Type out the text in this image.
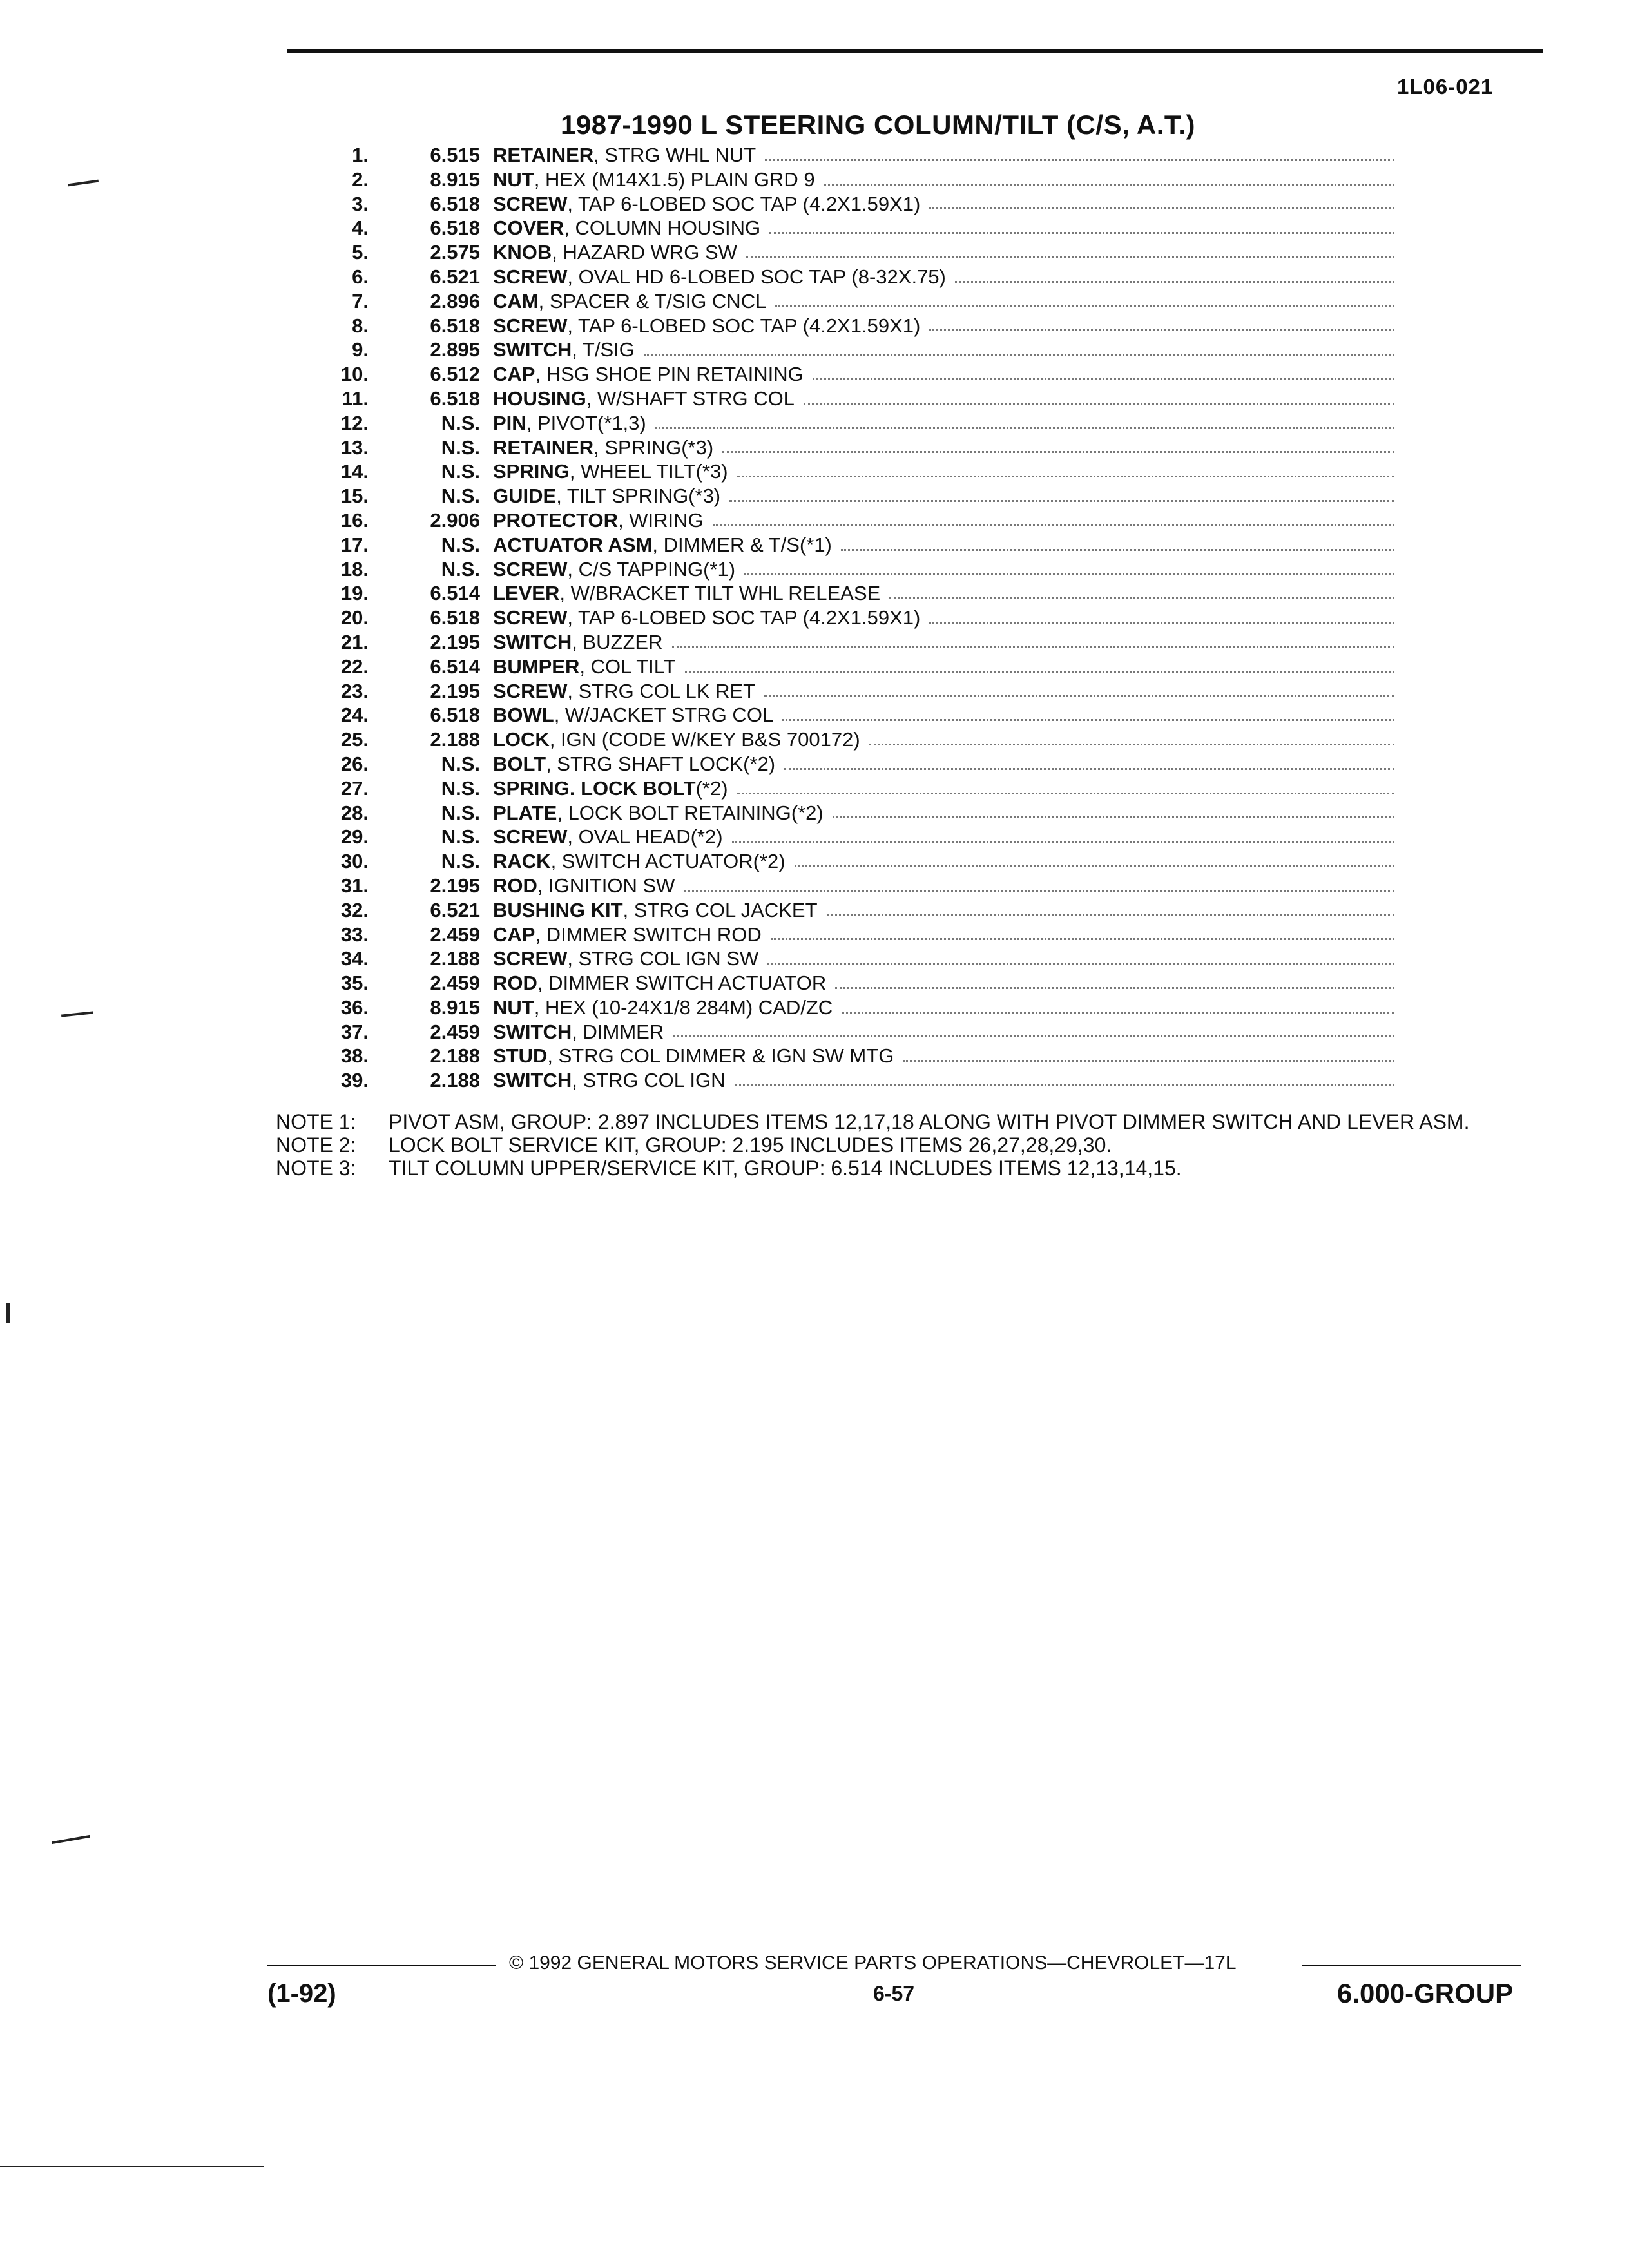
1L06-021
1987-1990 L STEERING COLUMN/TILT (C/S, A.T.)
1.	6.515 RETAINER , STRG WHL NUT
2.	8.915 NUT , HEX (M14X1.5) PLAIN GRD 9
3.	6.518 SCREW , TAP 6-LOBED SOC TAP (4.2X1.59X1)
4.	6.518 COVER , COLUMN HOUSING
5.	2.575 KNOB , HAZARD WRG SW
6.	6.521 SCREW , OVAL HD 6-LOBED SOC TAP (8-32X.75)
7.	2.896 CAM , SPACER & T/SIG CNCL
8.	6.518 SCREW , TAP 6-LOBED SOC TAP (4.2X1.59X1)
9.	2.895 SWITCH , T/SIG
10.	6.512 CAP , HSG SHOE PIN RETAINING
11.	6.518 HOUSING , W/SHAFT STRG COL
12.	N.S. PIN , PIVOT(*1,3)
13.	N.S. RETAINER , SPRING(*3)
14.	N.S. SPRING , WHEEL TILT(*3)
15.	N.S. GUIDE , TILT SPRING(*3)
16.	2.906 PROTECTOR , WIRING
17.	N.S. ACTUATOR ASM , DIMMER & T/S(*1)
18.	N.S. SCREW , C/S TAPPING(*1)
19.	6.514 LEVER , W/BRACKET TILT WHL RELEASE
20.	6.518 SCREW , TAP 6-LOBED SOC TAP (4.2X1.59X1)
21.	2.195 SWITCH , BUZZER
22.	6.514 BUMPER , COL TILT
23.	2.195 SCREW , STRG COL LK RET
24.	6.518 BOWL , W/JACKET STRG COL
25.	2.188 LOCK , IGN (CODE W/KEY B&S 700172)
26.	N.S. BOLT , STRG SHAFT LOCK(*2)
27.	N.S. SPRING. LOCK BOLT (*2)
28.	N.S. PLATE , LOCK BOLT RETAINING(*2)
29.	N.S. SCREW , OVAL HEAD(*2)
30.	N.S. RACK , SWITCH ACTUATOR(*2)
31.	2.195 ROD , IGNITION SW
32.	6.521 BUSHING KIT , STRG COL JACKET
33.	2.459 CAP , DIMMER SWITCH ROD
34.	2.188 SCREW , STRG COL IGN SW
35.	2.459 ROD , DIMMER SWITCH ACTUATOR
36.	8.915 NUT , HEX (10-24X1/8 284M) CAD/ZC
37.	2.459 SWITCH , DIMMER
38.	2.188 STUD , STRG COL DIMMER & IGN SW MTG
39.	2.188 SWITCH , STRG COL IGN
NOTE 1:	PIVOT ASM, GROUP: 2.897 INCLUDES ITEMS 12,17,18 ALONG WITH PIVOT DIMMER SWITCH AND LEVER ASM.
NOTE 2:	LOCK BOLT SERVICE KIT, GROUP: 2.195 INCLUDES ITEMS 26,27,28,29,30.
NOTE 3:	TILT COLUMN UPPER/SERVICE KIT, GROUP: 6.514 INCLUDES ITEMS 12,13,14,15.
© 1992 GENERAL MOTORS SERVICE PARTS OPERATIONS—CHEVROLET—17L
(1-92)	6-57	6.000-GROUP
